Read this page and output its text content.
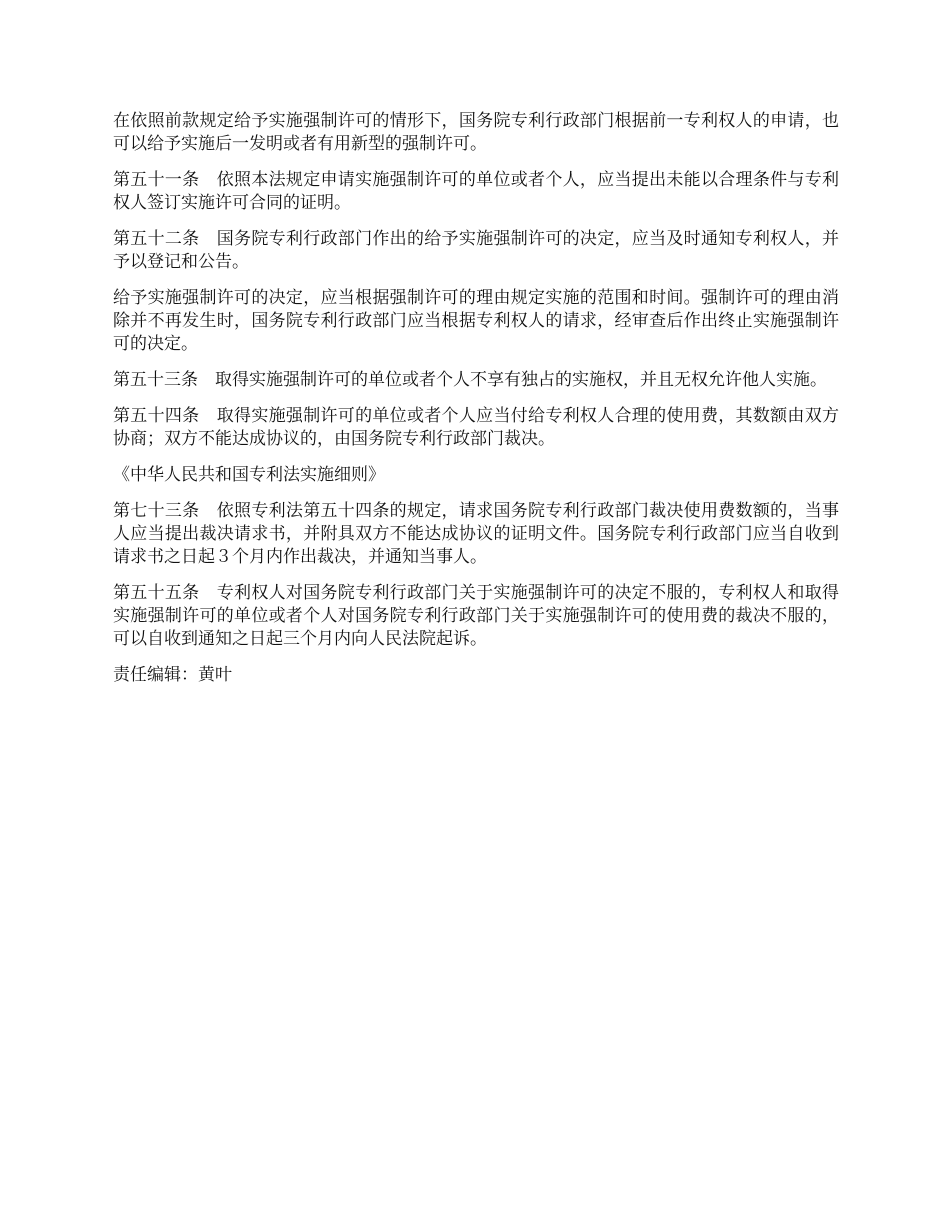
在依照前款规定给予实施强制许可的情形下，国务院专利行政部门根据前一专利权人的申请，也可以给予实施后一发明或者有用新型的强制许可。

第五十一条　依照本法规定申请实施强制许可的单位或者个人，应当提出未能以合理条件与专利权人签订实施许可合同的证明。

第五十二条　国务院专利行政部门作出的给予实施强制许可的决定，应当及时通知专利权人，并予以登记和公告。

给予实施强制许可的决定，应当根据强制许可的理由规定实施的范围和时间。强制许可的理由消除并不再发生时，国务院专利行政部门应当根据专利权人的请求，经审查后作出终止实施强制许可的决定。

第五十三条　取得实施强制许可的单位或者个人不享有独占的实施权，并且无权允许他人实施。

第五十四条　取得实施强制许可的单位或者个人应当付给专利权人合理的使用费，其数额由双方协商；双方不能达成协议的，由国务院专利行政部门裁决。

《中华人民共和国专利法实施细则》

第七十三条　依照专利法第五十四条的规定，请求国务院专利行政部门裁决使用费数额的，当事人应当提出裁决请求书，并附具双方不能达成协议的证明文件。国务院专利行政部门应当自收到请求书之日起３个月内作出裁决，并通知当事人。

第五十五条　专利权人对国务院专利行政部门关于实施强制许可的决定不服的，专利权人和取得实施强制许可的单位或者个人对国务院专利行政部门关于实施强制许可的使用费的裁决不服的，可以自收到通知之日起三个月内向人民法院起诉。

责任编辑：黄叶
